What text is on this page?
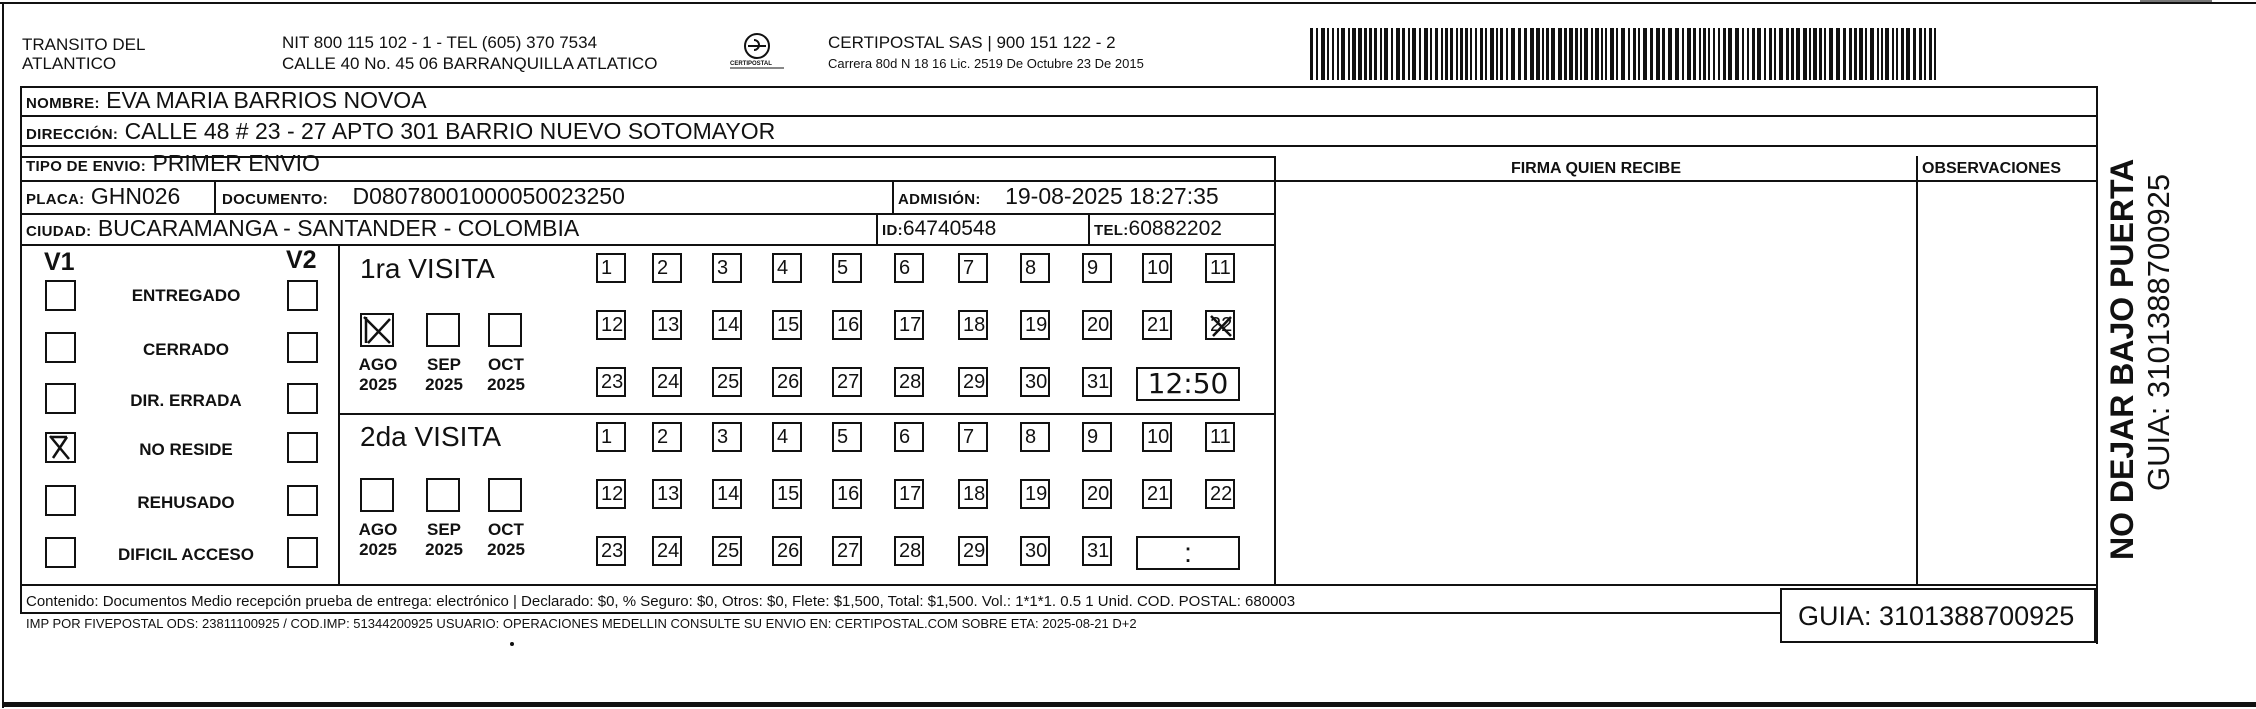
TRANSITO DEL
ATLANTICO
NIT 800 115 102 - 1 - TEL (605) 370 7534
CALLE 40 No. 45 06 BARRANQUILLA ATLATICO	CERTIPOSTAL
CERTIPOSTAL SAS | 900 151 122 - 2
Carrera 80d N 18 16 Lic. 2519 De Octubre 23 De 2015
NOMBRE: EVA MARIA BARRIOS NOVOA
DIRECCIÓN: CALLE 48 # 23 - 27 APTO 301 BARRIO NUEVO SOTOMAYOR
TIPO DE ENVIO: PRIMER ENVIO
PLACA: GHN026	DOCUMENTO: D08078001000050023250	ADMISIÓN: 19-08-2025 18:27:35
CIUDAD: BUCARAMANGA - SANTANDER - COLOMBIA	ID:64740548	TEL:60882202
FIRMA QUIEN RECIBE	OBSERVACIONES
V1	V2
ENTREGADO
CERRADO
DIR. ERRADA
NO RESIDE
REHUSADO
DIFICIL ACCESO
1ra VISITA
2da VISITA
AGO
2025
SEP
2025
OCT
2025
1 2 3 4 5	6	7	8	9 10 11
12 13 14 15 16 17 18 19 20 21 22
23 24 25 26 27 28 29 30 31	12:50
AGO
2025
SEP
2025
OCT
2025
1 2 3 4 5	6	7	8	9 10 11
12 13 14 15 16 17 18 19 20 21 22
23 24 25 26 27 28 29 30 31	:
Contenido: Documentos Medio recepción prueba de entrega: electrónico | Declarado: $0, % Seguro: $0, Otros: $0, Flete: $1,500, Total: $1,500. Vol.: 1*1*1. 0.5 1 Unid. COD. POSTAL: 680003
IMP POR FIVEPOSTAL ODS: 23811100925 / COD.IMP: 51344200925 USUARIO: OPERACIONES MEDELLIN CONSULTE SU ENVIO EN: CERTIPOSTAL.COM SOBRE ETA: 2025-08-21 D+2	GUIA: 3101388700925
NO DEJAR BAJO PUERTA GUIA: 3101388700925
